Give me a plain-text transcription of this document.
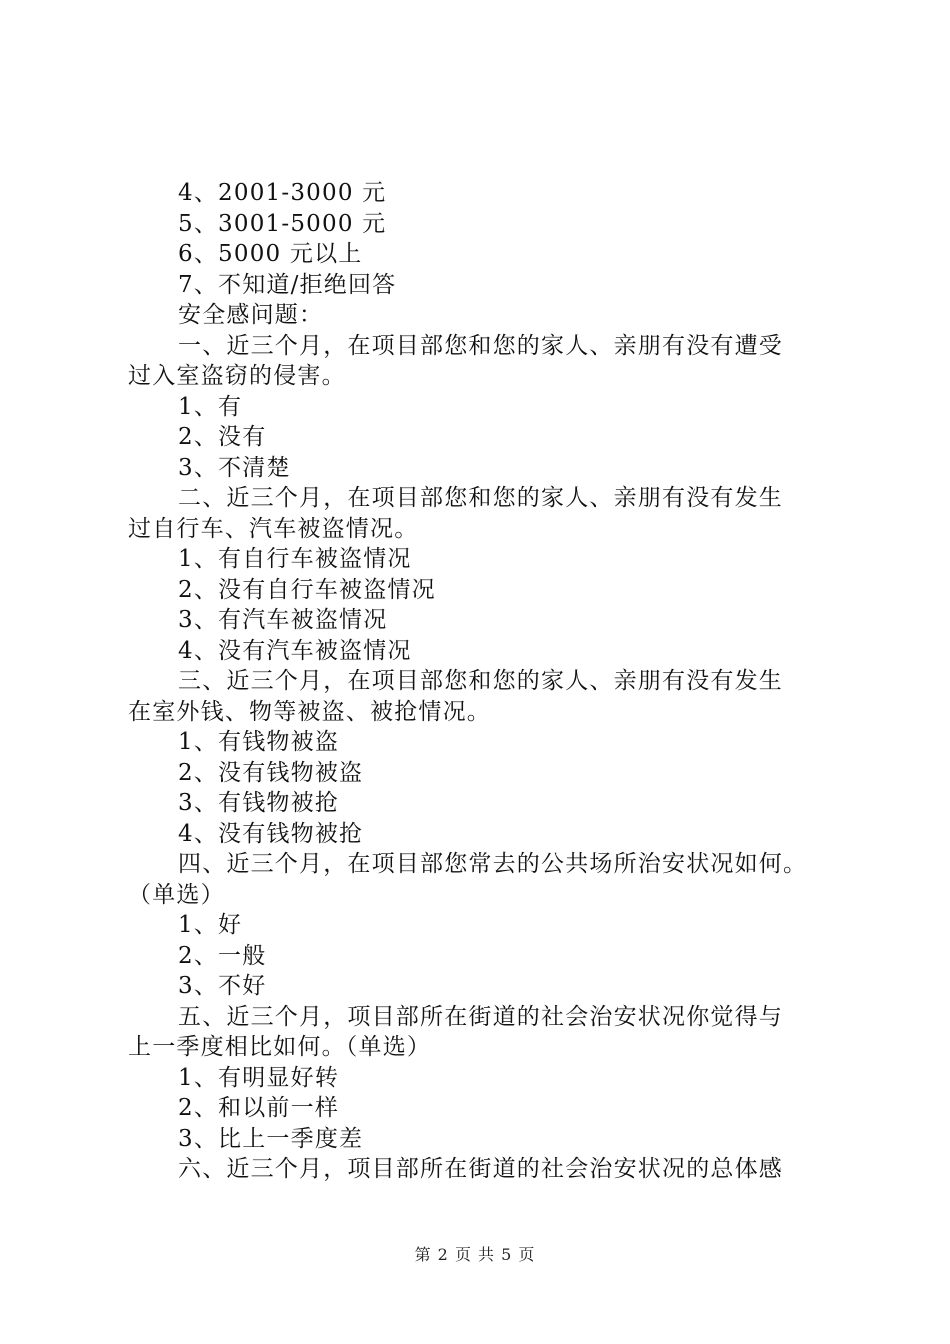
4、2001-3000 元
5、3001-5000 元
6、5000 元以上
7、不知道/拒绝回答
安全感问题：
一、近三个月，在项目部您和您的家人、亲朋有没有遭受
过入室盗窃的侵害。
1、有
2、没有
3、不清楚
二、近三个月，在项目部您和您的家人、亲朋有没有发生
过自行车、汽车被盗情况。
1、有自行车被盗情况
2、没有自行车被盗情况
3、有汽车被盗情况
4、没有汽车被盗情况
三、近三个月，在项目部您和您的家人、亲朋有没有发生
在室外钱、物等被盗、被抢情况。
1、有钱物被盗
2、没有钱物被盗
3、有钱物被抢
4、没有钱物被抢
四、近三个月，在项目部您常去的公共场所治安状况如何。
（单选）
1、好
2、一般
3、不好
五、近三个月，项目部所在街道的社会治安状况你觉得与
上一季度相比如何。（单选）
1、有明显好转
2、和以前一样
3、比上一季度差
六、近三个月，项目部所在街道的社会治安状况的总体感
第 2 页 共 5 页
